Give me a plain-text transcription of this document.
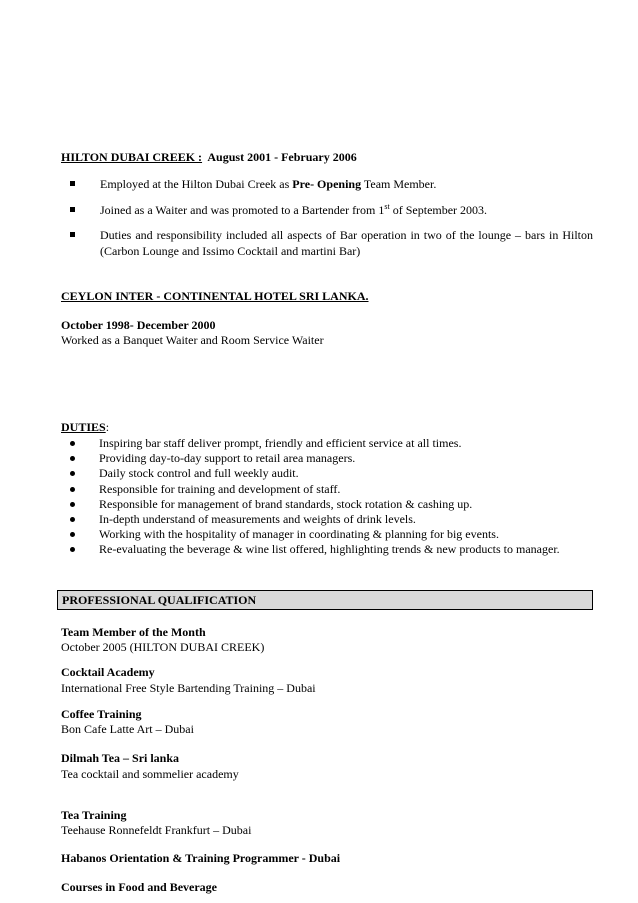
HILTON DUBAI CREEK : August 2001 - February 2006
Employed at the Hilton Dubai Creek as Pre- Opening Team Member.
Joined as a Waiter and was promoted to a Bartender from 1st of September 2003.
Duties and responsibility included all aspects of Bar operation in two of the lounge – bars in Hilton (Carbon Lounge and Issimo Cocktail and martini Bar)
CEYLON INTER - CONTINENTAL HOTEL SRI LANKA.
October 1998- December 2000
Worked as a Banquet Waiter and Room Service Waiter
DUTIES:
Inspiring bar staff deliver prompt, friendly and efficient service at all times.
Providing day-to-day support to retail area managers.
Daily stock control and full weekly audit.
Responsible for training and development of staff.
Responsible for management of brand standards, stock rotation & cashing up.
In-depth understand of measurements and weights of drink levels.
Working with the hospitality of manager in coordinating & planning for big events.
Re-evaluating the beverage & wine list offered, highlighting trends & new products to manager.
PROFESSIONAL QUALIFICATION
Team Member of the Month
October 2005 (HILTON DUBAI CREEK)
Cocktail Academy
International Free Style Bartending Training – Dubai
Coffee Training
Bon Cafe Latte Art – Dubai
Dilmah Tea – Sri lanka
Tea cocktail and sommelier academy
Tea Training
Teehause Ronnefeldt Frankfurt – Dubai
Habanos Orientation & Training Programmer - Dubai
Courses in Food and Beverage
